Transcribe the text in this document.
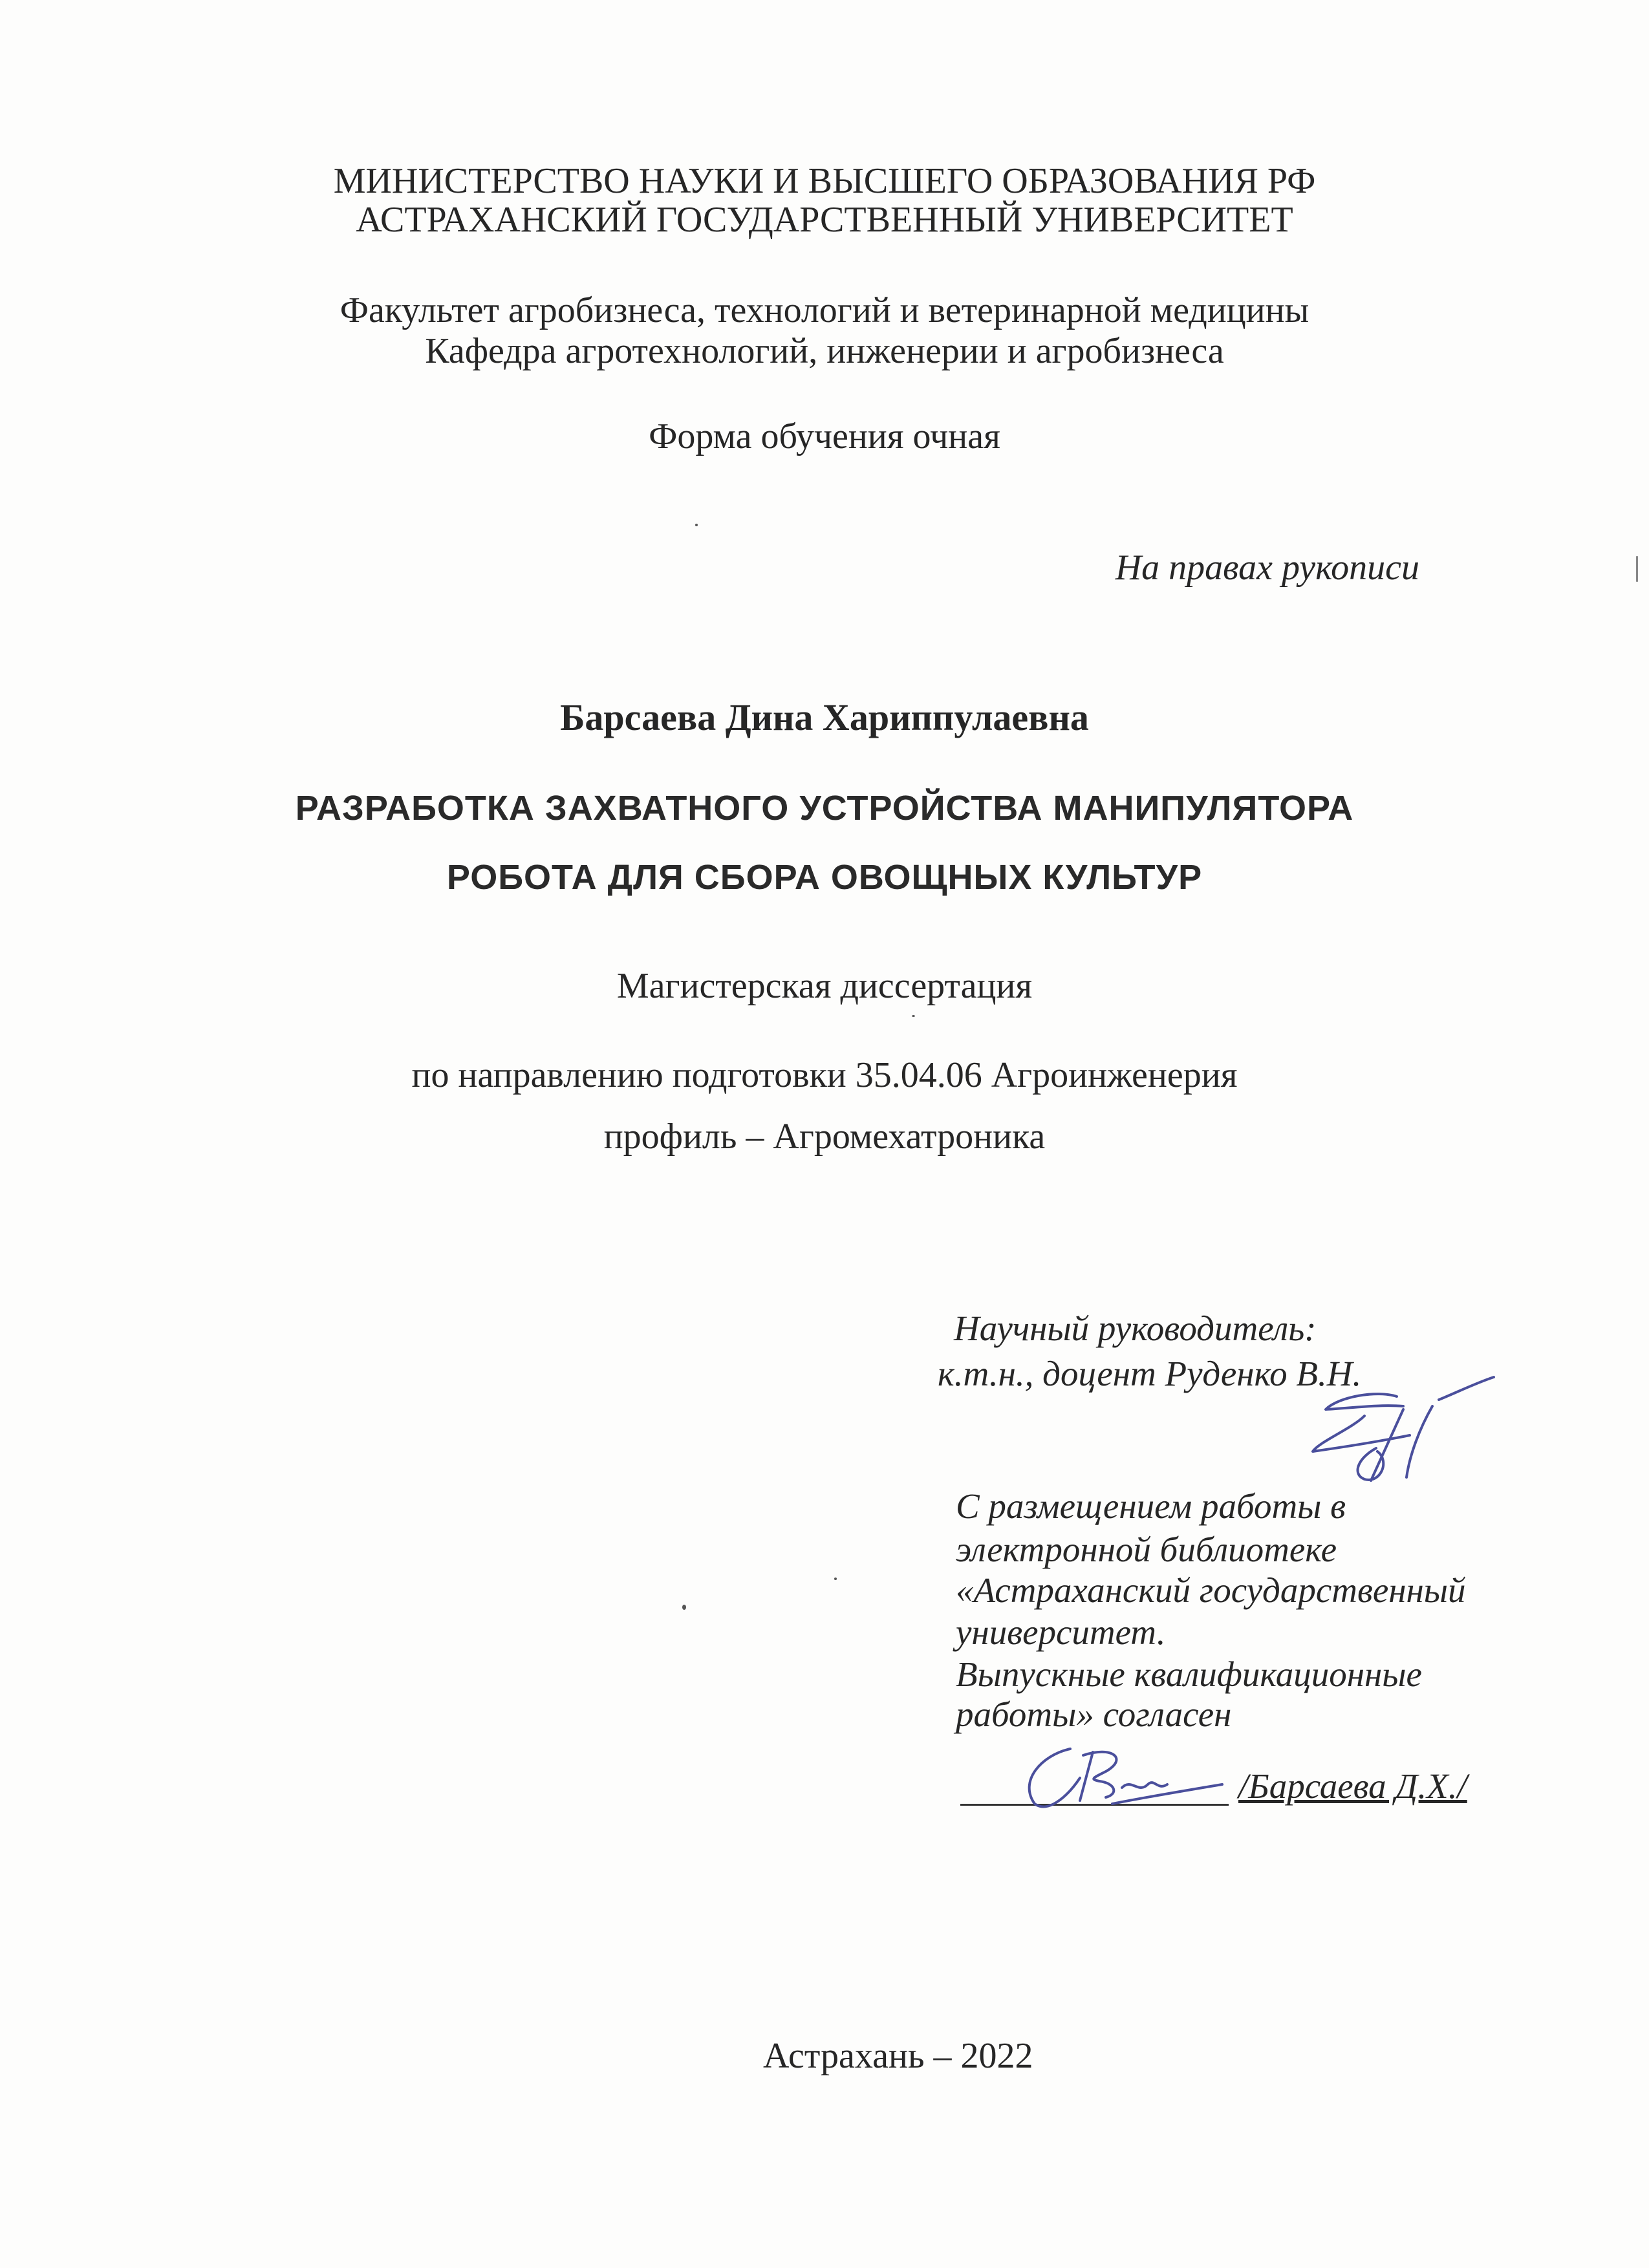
МИНИСТЕРСТВО НАУКИ И ВЫСШЕГО ОБРАЗОВАНИЯ РФ
АСТРАХАНСКИЙ ГОСУДАРСТВЕННЫЙ УНИВЕРСИТЕТ
Факультет агробизнеса, технологий и ветеринарной медицины
Кафедра агротехнологий, инженерии и агробизнеса
Форма обучения очная
На правах рукописи
Барсаева Дина Хариппулаевна
РАЗРАБОТКА ЗАХВАТНОГО УСТРОЙСТВА МАНИПУЛЯТОРА
РОБОТА ДЛЯ СБОРА ОВОЩНЫХ КУЛЬТУР
Магистерская диссертация
по направлению подготовки 35.04.06 Агроинженерия
профиль – Агромехатроника
Научный руководитель:
к.т.н., доцент Руденко В.Н.
С размещением работы в
электронной библиотеке
«Астраханский государственный
университет.
Выпускные квалификационные
работы» согласен
/Барсаева Д.Х./
Астрахань – 2022
